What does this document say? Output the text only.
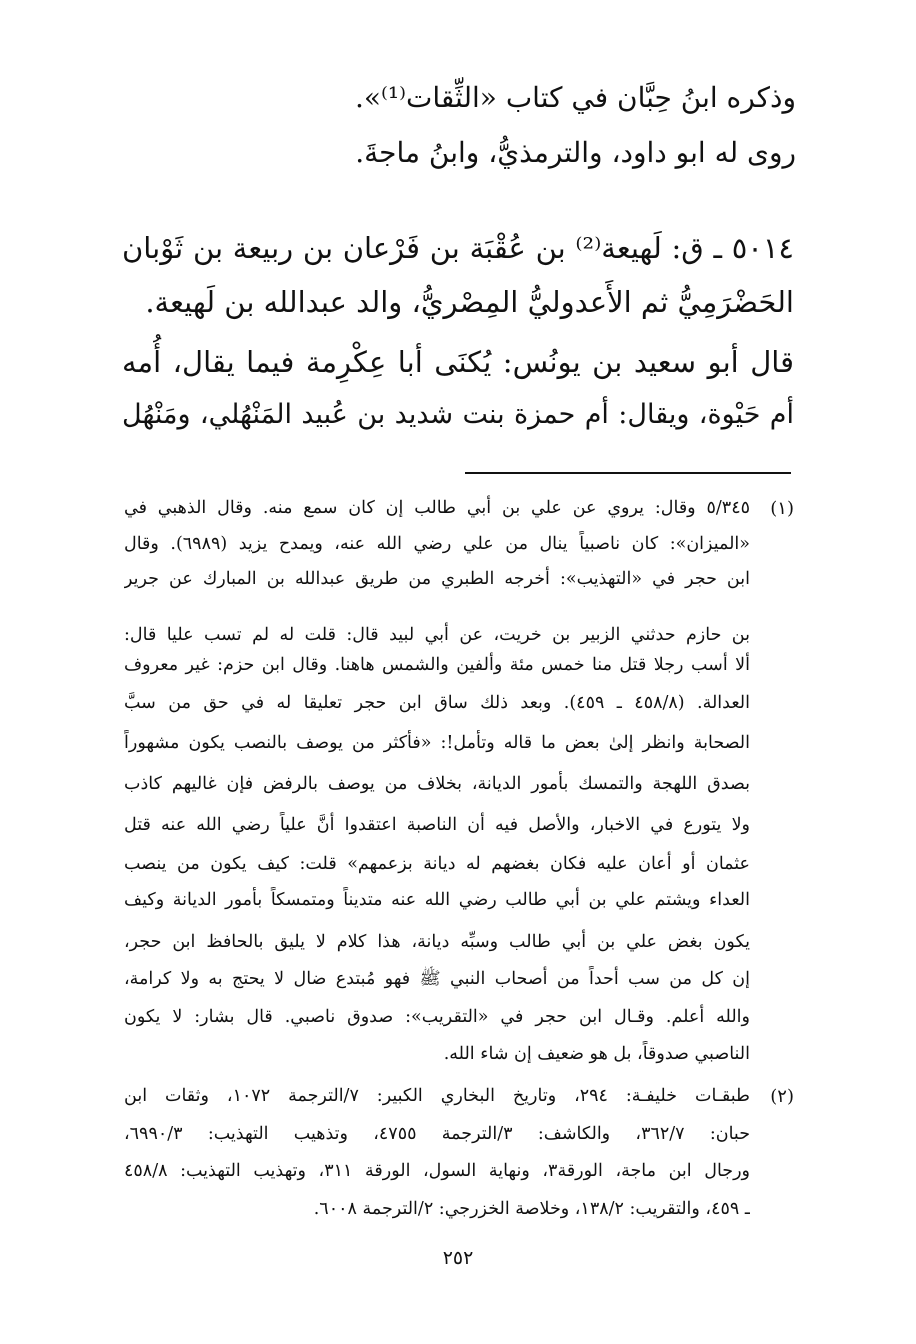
وذكره ابنُ حِبَّان في كتاب «الثِّقات⁽¹⁾».
روى له ابو داود، والترمذيُّ، وابنُ ماجةَ.
٥٠١٤ ـ ق: لَهيعة⁽²⁾ بن عُقْبَة بن فَرْعان بن ربيعة بن ثَوْبان
الحَضْرَمِيُّ ثم الأَعدوليُّ المِصْريُّ، والد عبدالله بن لَهيعة.
قال أبو سعيد بن يونُس: يُكنَى أبا عِكْرِمة فيما يقال، أُمه
أم حَيْوة، ويقال: أم حمزة بنت شديد بن عُبيد المَنْهُلي، ومَنْهُل
(١)
٥/٣٤٥ وقال: يروي عن علي بن أبي طالب إن كان سمع منه. وقال الذهبي في
«الميزان»: كان ناصبياً ينال من علي رضي الله عنه، ويمدح يزيد (٦٩٨٩). وقال
ابن حجر في «التهذيب»: أخرجه الطبري من طريق عبدالله بن المبارك عن جرير
بن حازم حدثني الزبير بن خريت، عن أبي لبيد قال: قلت له لم تسب عليا قال:
ألا أسب رجلا قتل منا خمس مئة وألفين والشمس هاهنا. وقال ابن حزم: غير معروف
العدالة. (٤٥٨/٨ ـ ٤٥٩). وبعد ذلك ساق ابن حجر تعليقا له في حق من سبَّ
الصحابة وانظر إلىٰ بعض ما قاله وتأمل!: «فأكثر من يوصف بالنصب يكون مشهوراً
بصدق اللهجة والتمسك بأمور الديانة، بخلاف من يوصف بالرفض فإن غاليهم كاذب
ولا يتورع في الاخبار، والأصل فيه أن الناصبة اعتقدوا أنَّ علياً رضي الله عنه قتل
عثمان أو أعان عليه فكان بغضهم له ديانة بزعمهم» قلت: كيف يكون من ينصب
العداء ويشتم علي بن أبي طالب رضي الله عنه متديناً ومتمسكاً بأمور الديانة وكيف
يكون بغض علي بن أبي طالب وسبِّه ديانة، هذا كلام لا يليق بالحافظ ابن حجر،
إن كل من سب أحداً من أصحاب النبي ﷺ فهو مُبتدع ضال لا يحتج به ولا كرامة،
والله أعلم. وقـال ابن حجر في «التقريب»: صدوق ناصبي. قال بشار: لا يكون
الناصبي صدوقاً، بل هو ضعيف إن شاء الله.
(٢)
طبقـات خليفـة: ٢٩٤، وتاريخ البخاري الكبير: ٧/الترجمة ١٠٧٢، وثقات ابن
حبان: ٣٦٢/٧، والكاشف: ٣/الترجمة ٤٧٥٥، وتذهيب التهذيب: ٦٩٩٠/٣،
ورجال ابن ماجة، الورقة٣، ونهاية السول، الورقة ٣١١، وتهذيب التهذيب: ٤٥٨/٨
ـ ٤٥٩، والتقريب: ١٣٨/٢، وخلاصة الخزرجي: ٢/الترجمة ٦٠٠٨.
٢٥٢
